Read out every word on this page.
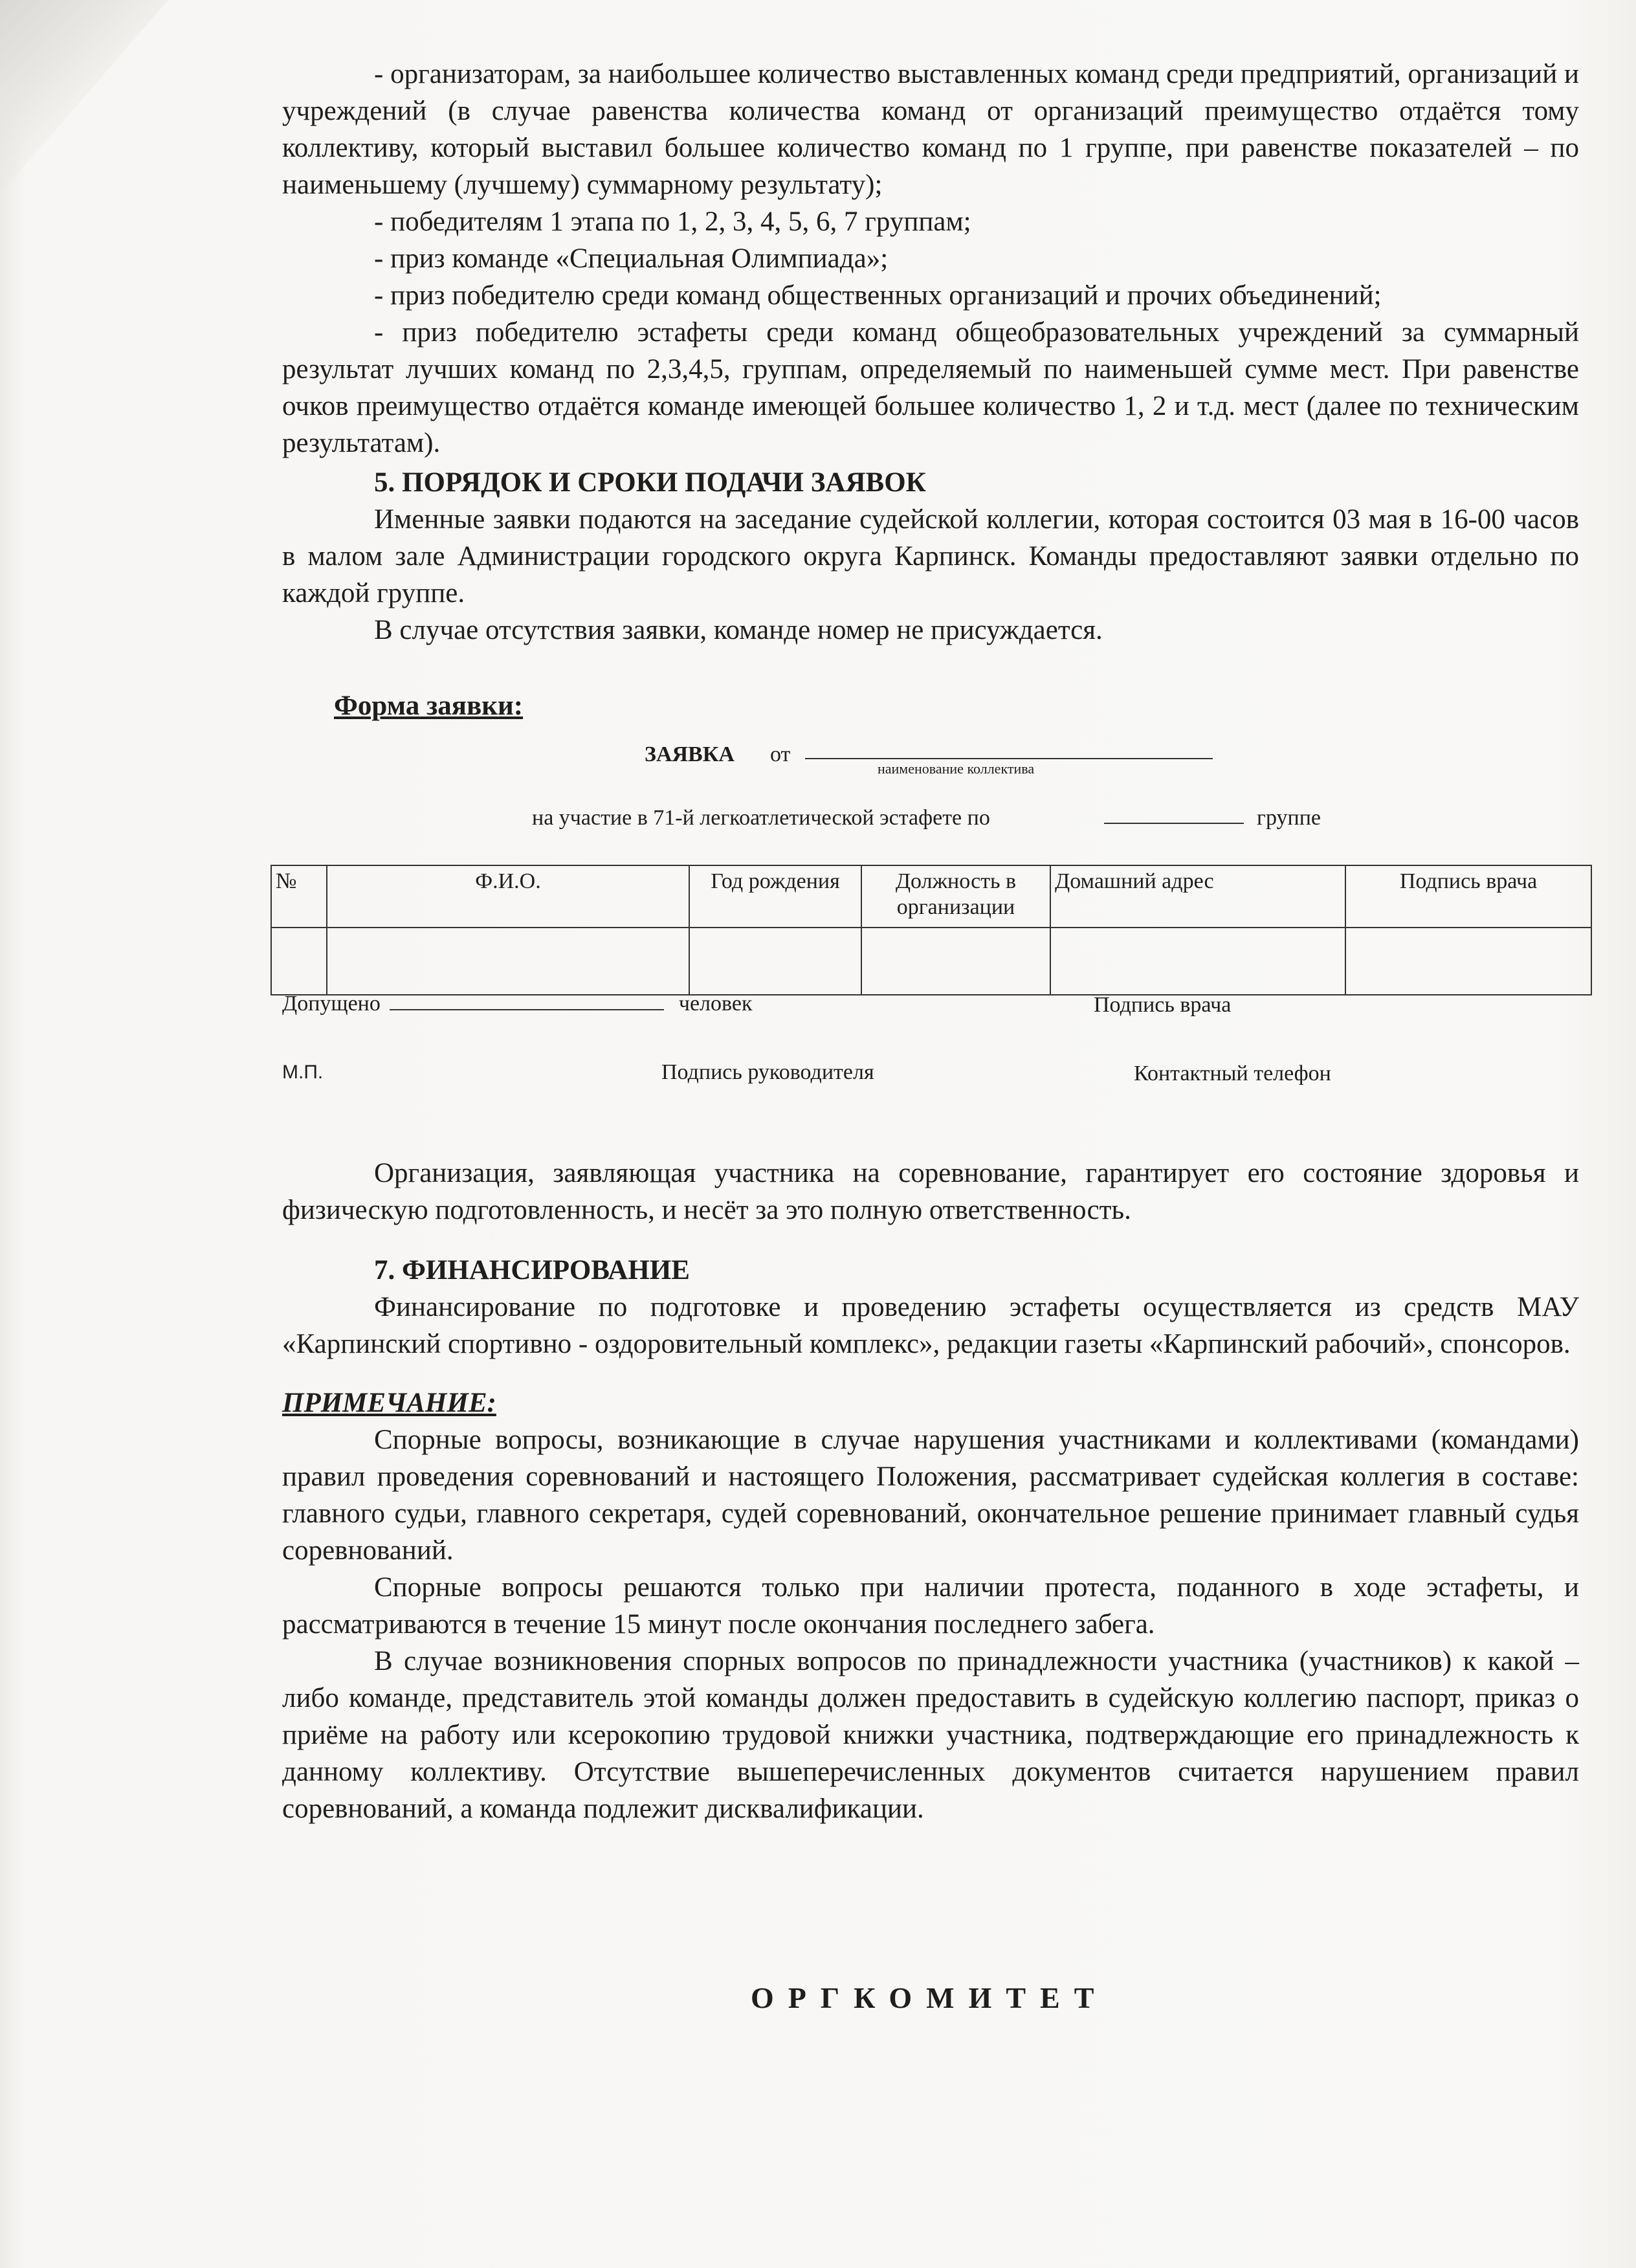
- организаторам, за наибольшее количество выставленных команд среди предприятий, организаций и учреждений (в случае равенства количества команд от организаций преимущество отдаётся тому коллективу, который выставил большее количество команд по 1 группе, при равенстве показателей – по наименьшему (лучшему) суммарному результату);

- победителям 1 этапа по 1, 2, 3, 4, 5, 6, 7 группам;

- приз команде «Специальная Олимпиада»;

- приз победителю среди команд общественных организаций и прочих объединений;

- приз победителю эстафеты среди команд общеобразовательных учреждений за суммарный результат лучших команд по 2,3,4,5, группам, определяемый по наименьшей сумме мест. При равенстве очков преимущество отдаётся команде имеющей большее количество 1, 2 и т.д. мест (далее по техническим результатам).

5. ПОРЯДОК И СРОКИ ПОДАЧИ ЗАЯВОК

Именные заявки подаются на заседание судейской коллегии, которая состоится 03 мая в 16-00 часов в малом зале Администрации городского округа Карпинск. Команды предоставляют заявки отдельно по каждой группе.

В случае отсутствия заявки, команде номер не присуждается.

Форма заявки:

ЗАЯВКА от
наименование коллектива
на участие в 71-й легкоатлетической эстафете по	группе
№	Ф.И.О.	Год рождения	Должность в организации	Домашний адрес	Подпись врача

Допущено	человек	Подпись врача
М.П.	Подпись руководителя	Контактный телефон

Организация, заявляющая участника на соревнование, гарантирует его состояние здоровья и физическую подготовленность, и несёт за это полную ответственность.

7. ФИНАНСИРОВАНИЕ

Финансирование по подготовке и проведению эстафеты осуществляется из средств МАУ «Карпинский спортивно - оздоровительный комплекс», редакции газеты «Карпинский рабочий», спонсоров.

ПРИМЕЧАНИЕ:

Спорные вопросы, возникающие в случае нарушения участниками и коллективами (командами) правил проведения соревнований и настоящего Положения, рассматривает судейская коллегия в составе: главного судьи, главного секретаря, судей соревнований, окончательное решение принимает главный судья соревнований.

Спорные вопросы решаются только при наличии протеста, поданного в ходе эстафеты, и рассматриваются в течение 15 минут после окончания последнего забега.

В случае возникновения спорных вопросов по принадлежности участника (участников) к какой – либо команде, представитель этой команды должен предоставить в судейскую коллегию паспорт, приказ о приёме на работу или ксерокопию трудовой книжки участника, подтверждающие его принадлежность к данному коллективу. Отсутствие вышеперечисленных документов считается нарушением правил соревнований, а команда подлежит дисквалификации.

ОРГКОМИТЕТ
